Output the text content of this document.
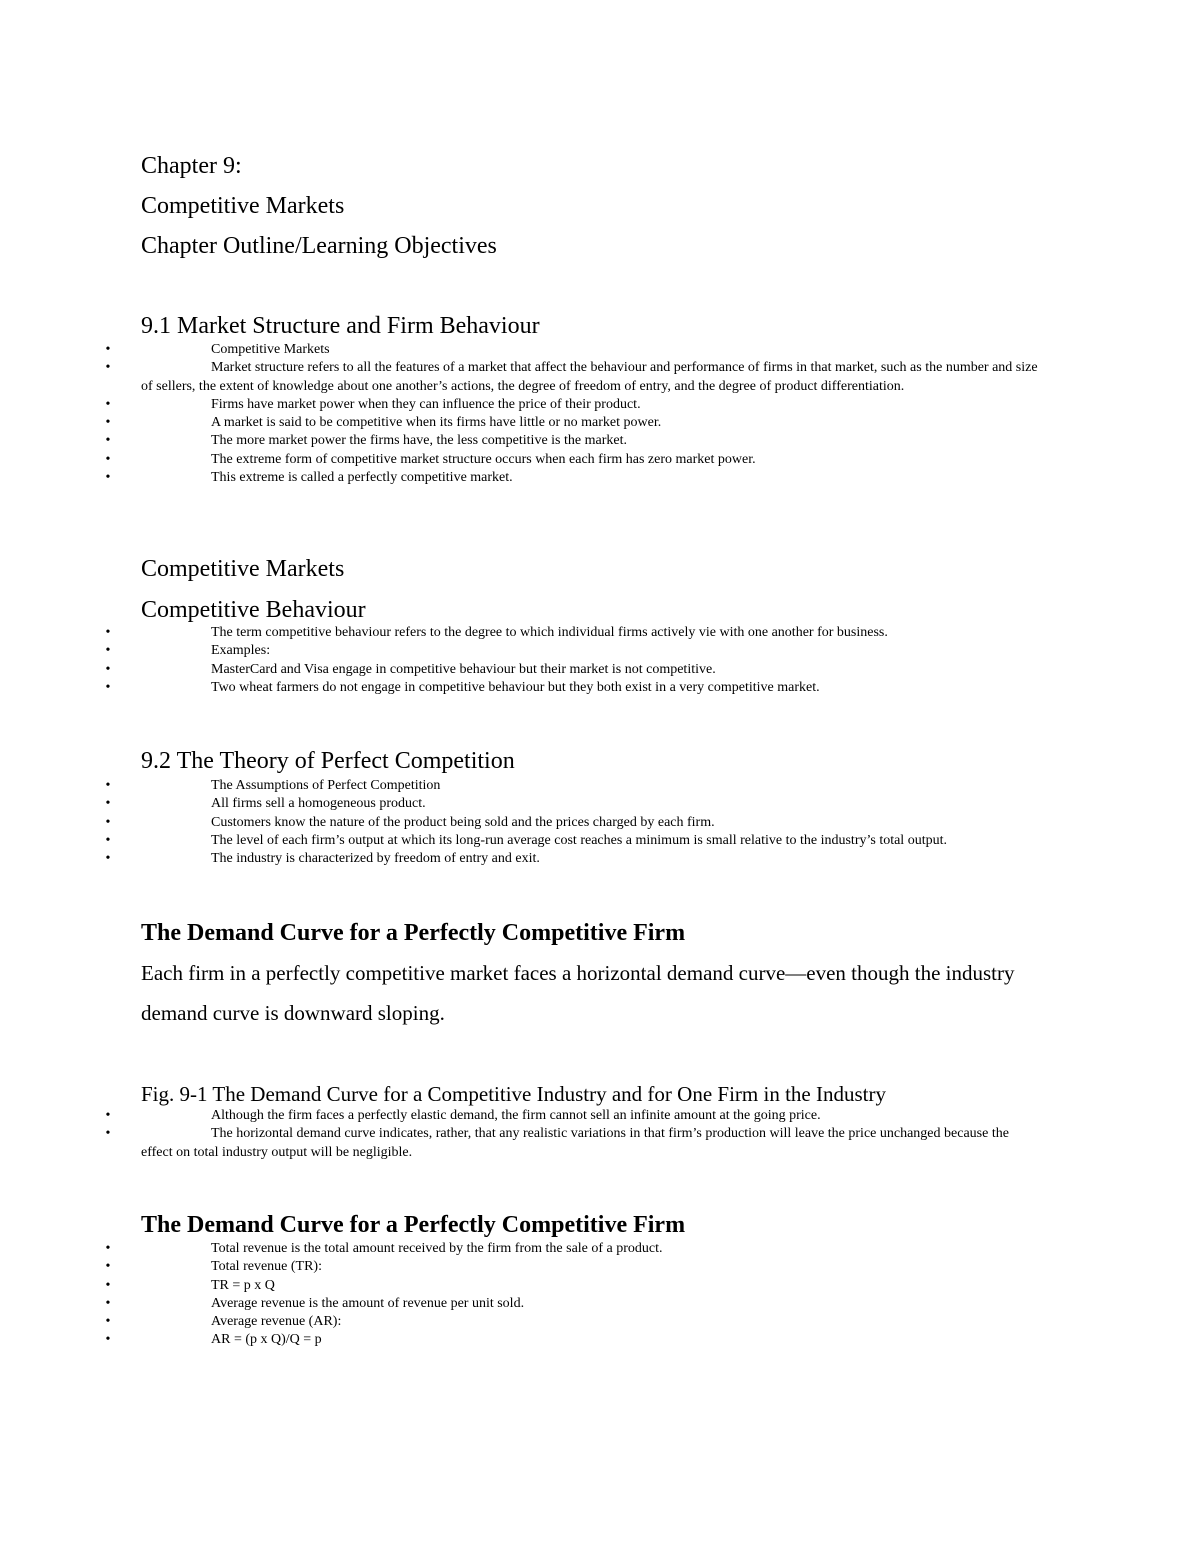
Chapter 9:
Competitive Markets
Chapter Outline/Learning Objectives
9.1 Market Structure and Firm Behaviour
•	Competitive Markets
•	Market structure refers to all the features of a market that affect the behaviour and performance of firms in that market, such as the number and size of sellers, the extent of knowledge about one another’s actions, the degree of freedom of entry, and the degree of product differentiation.
•	Firms have market power when they can influence the price of their product.
•	A market is said to be competitive when its firms have little or no market power.
•	The more market power the firms have, the less competitive is the market.
•	The extreme form of competitive market structure occurs when each firm has zero market power.
•	This extreme is called a perfectly competitive market.
Competitive Markets
Competitive Behaviour
•	The term competitive behaviour refers to the degree to which individual firms actively vie with one another for business.
•	Examples:
•	MasterCard and Visa engage in competitive behaviour but their market is not competitive.
•	Two wheat farmers do not engage in competitive behaviour but they both exist in a very competitive market.
9.2 The Theory of Perfect Competition
•	The Assumptions of Perfect Competition
•	All firms sell a homogeneous product.
•	Customers know the nature of the product being sold and the prices charged by each firm.
•	The level of each firm’s output at which its long-run average cost reaches a minimum is small relative to the industry’s total output.
•	The industry is characterized by freedom of entry and exit.
The Demand Curve for a Perfectly Competitive Firm
Each firm in a perfectly competitive market faces a horizontal demand curve—even though the industry demand curve is downward sloping.
Fig. 9-1 The Demand Curve for a Competitive Industry and for One Firm in the Industry
•	Although the firm faces a perfectly elastic demand, the firm cannot sell an infinite amount at the going price.
•	The horizontal demand curve indicates, rather, that any realistic variations in that firm’s production will leave the price unchanged because the effect on total industry output will be negligible.
The Demand Curve for a Perfectly Competitive Firm
•	Total revenue is the total amount received by the firm from the sale of a product.
•	Total revenue (TR):
•	TR = p x Q
•	Average revenue is the amount of revenue per unit sold.
•	Average revenue (AR):
•	AR = (p x Q)/Q = p
